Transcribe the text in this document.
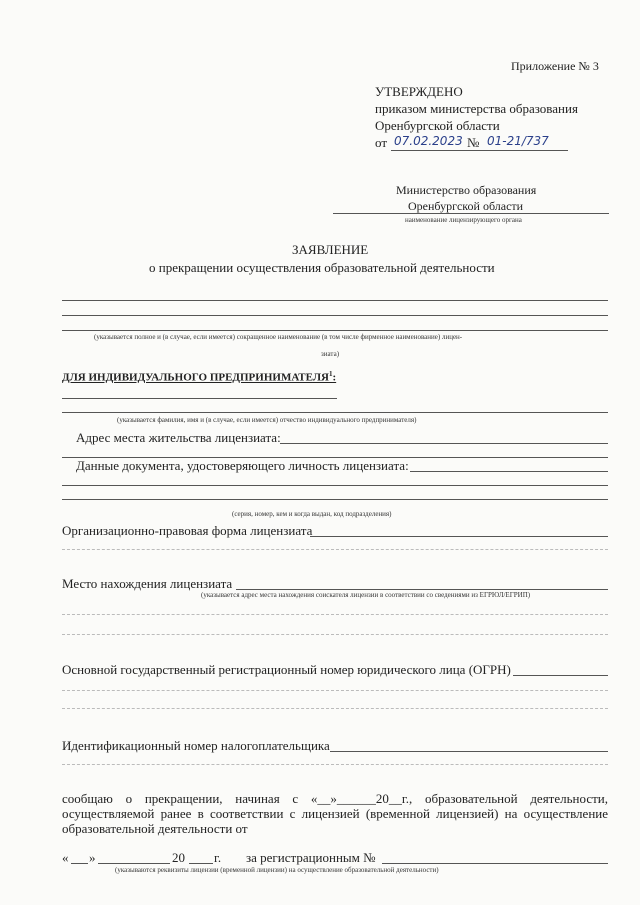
Приложение № 3
УТВЕРЖДЕНО
приказом министерства образования
Оренбургской области
от 07.02.2023 № 01-21/737
Министерство образования
Оренбургской области
наименование лицензирующего органа
ЗАЯВЛЕНИЕ
о прекращении осуществления образовательной деятельности
(указывается полное и (в случае, если имеется) сокращенное наименование (в том числе фирменное наименование) лицен-
зиата)
ДЛЯ ИНДИВИДУАЛЬНОГО ПРЕДПРИНИМАТЕЛЯ$^1$:
(указывается фамилия, имя и (в случае, если имеется) отчество индивидуального предпринимателя)
Адрес места жительства лицензиата:
Данные документа, удостоверяющего личность лицензиата:
(серия, номер, кем и когда выдан, код подразделения)
Организационно-правовая форма лицензиата
Место нахождения лицензиата
(указывается адрес места нахождения соискателя лицензии в соответствии со сведениями из ЕГРЮЛ/ЕГРИП)
Основной государственный регистрационный номер юридического лица (ОГРН)
Идентификационный номер налогоплательщика
сообщаю о прекращении, начиная с «__»______20__г., образовательной деятельности, осуществляемой ранее в соответствии с лицензией (временной лицензией) на осуществление образовательной деятельности от
« »	20 г. за регистрационным №
(указываются реквизиты лицензии (временной лицензии) на осуществление образовательной деятельности)
